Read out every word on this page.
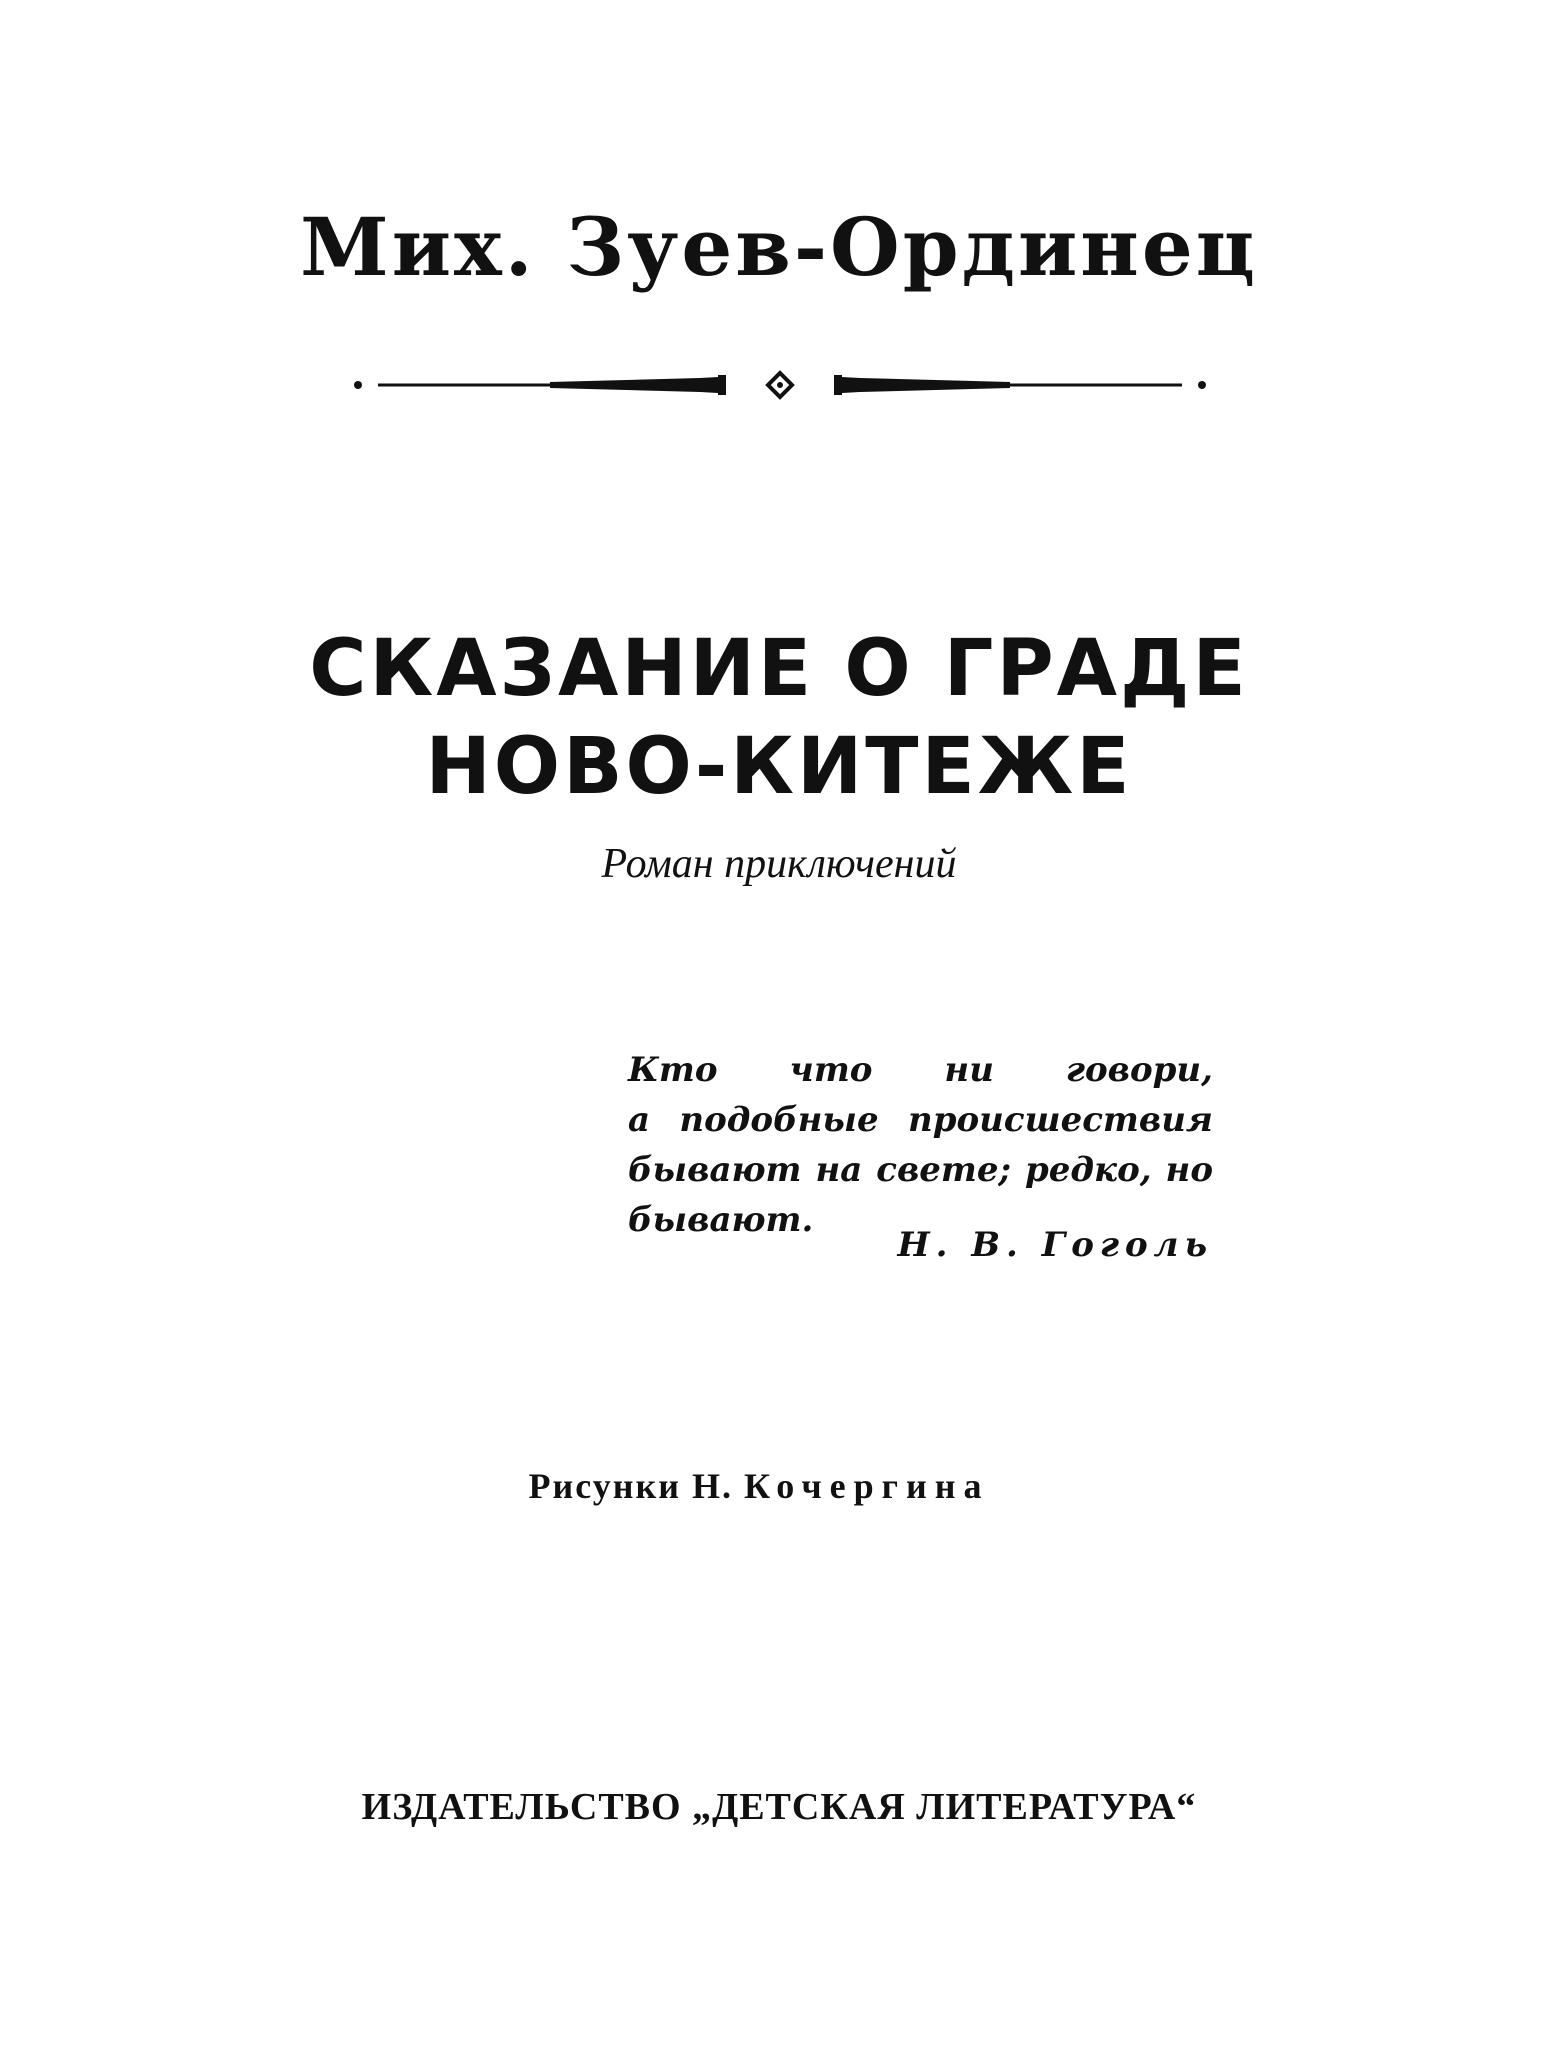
Мих. Зуев-Ординец
СКАЗАНИЕ О ГРАДЕ
НОВО-КИТЕЖЕ
Роман приключений
Кто что ни говори,
а подобные происшествия бывают на свете; редко, но бывают.
Н. В. Гоголь
Рисунки Н. Кочергина
ИЗДАТЕЛЬСТВО „ДЕТСКАЯ ЛИТЕРАТУРА“
